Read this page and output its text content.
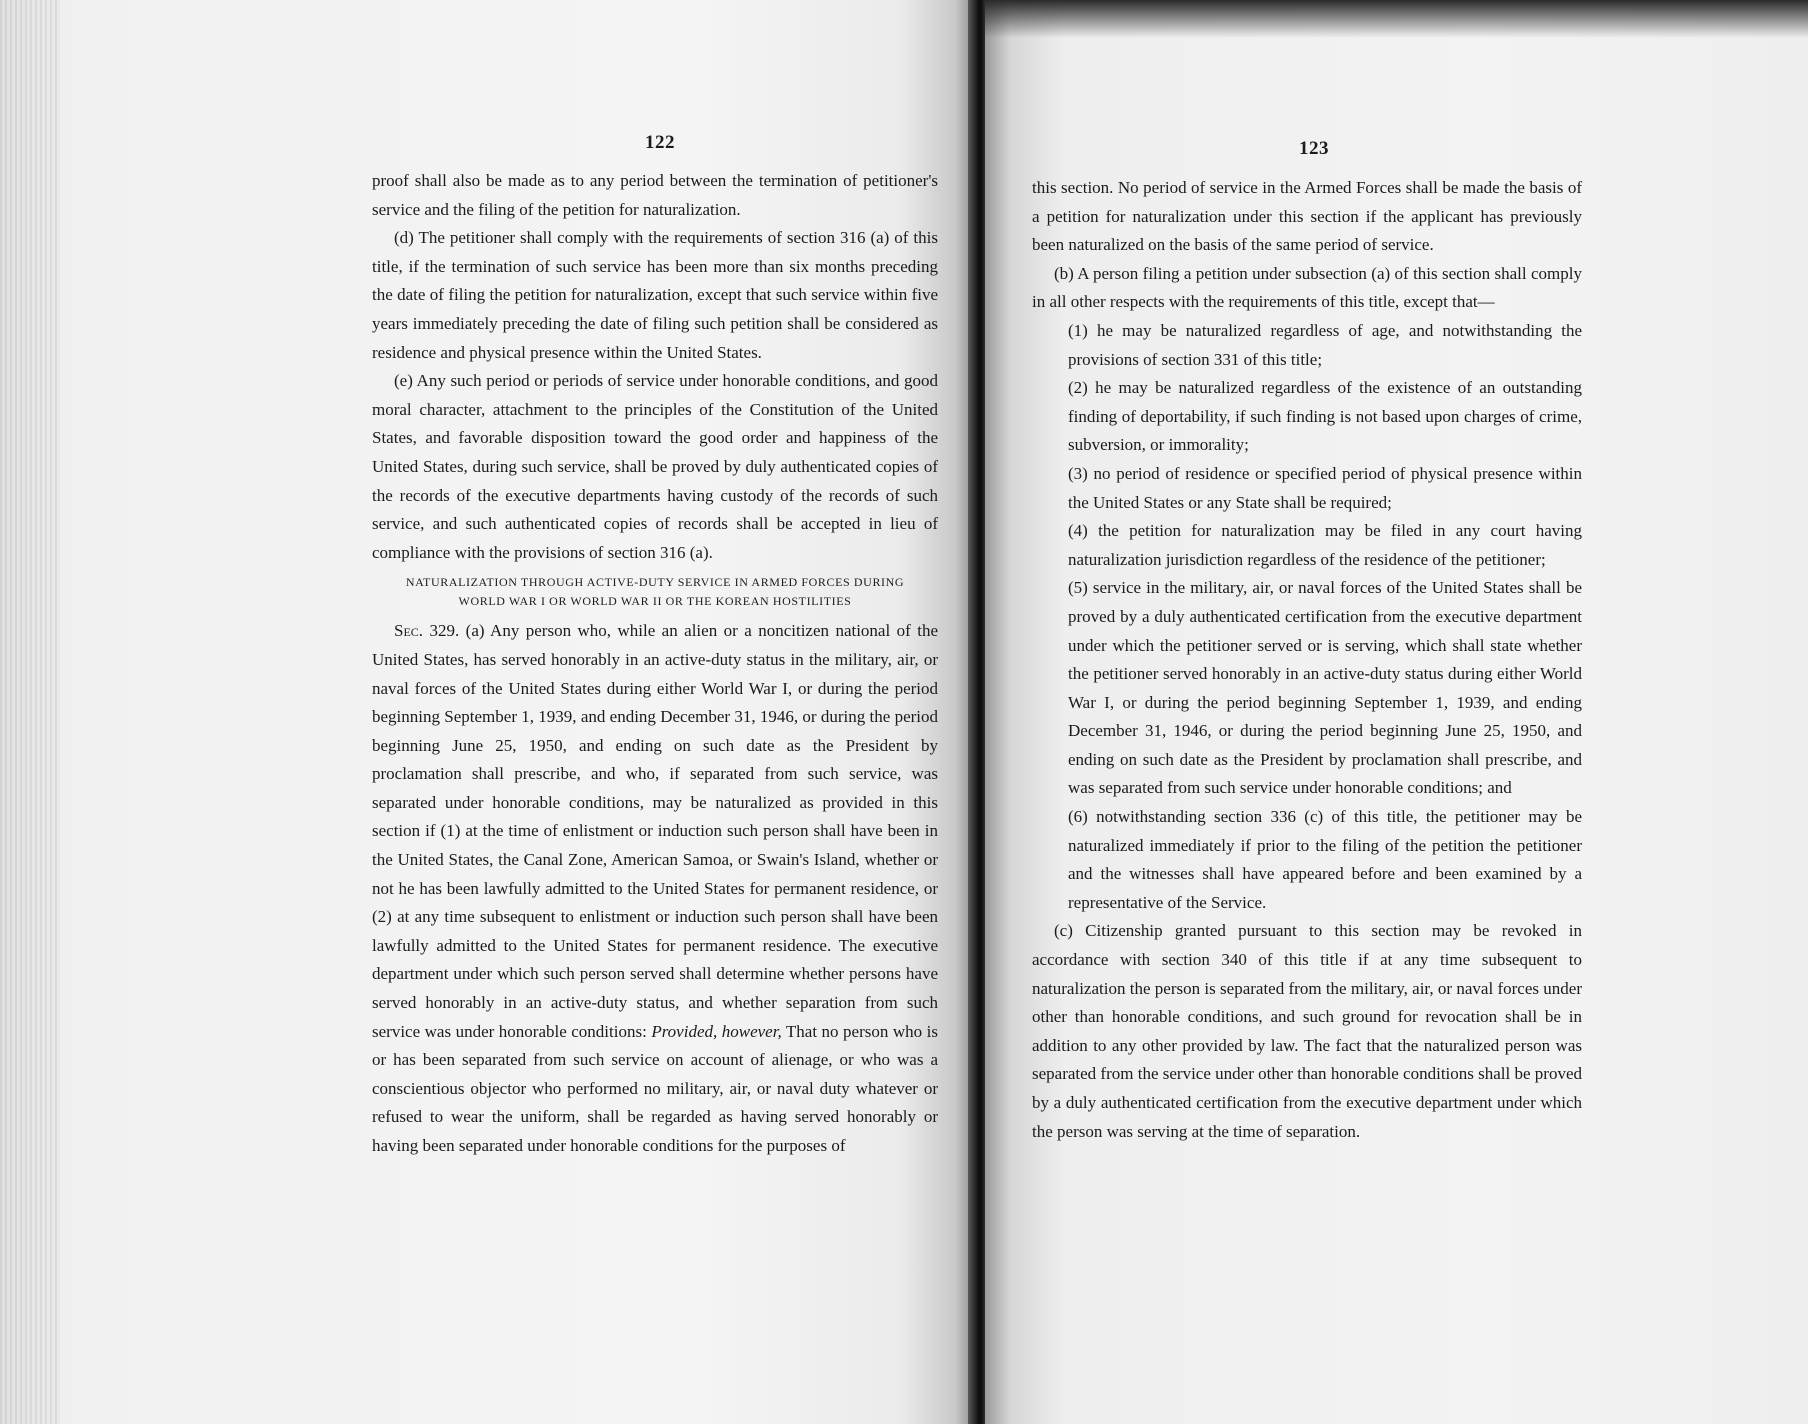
122

proof shall also be made as to any period between the termination of petitioner's service and the filing of the petition for naturalization.

(d) The petitioner shall comply with the requirements of section 316 (a) of this title, if the termination of such service has been more than six months preceding the date of filing the petition for naturalization, except that such service within five years immediately preceding the date of filing such petition shall be considered as residence and physical presence within the United States.

(e) Any such period or periods of service under honorable conditions, and good moral character, attachment to the principles of the Constitution of the United States, and favorable disposition toward the good order and happiness of the United States, during such service, shall be proved by duly authenticated copies of the records of the executive departments having custody of the records of such service, and such authenticated copies of records shall be accepted in lieu of compliance with the provisions of section 316 (a).

NATURALIZATION THROUGH ACTIVE-DUTY SERVICE IN ARMED FORCES DURING
WORLD WAR I OR WORLD WAR II OR THE KOREAN HOSTILITIES

Sec. 329. (a) Any person who, while an alien or a noncitizen national of the United States, has served honorably in an active-duty status in the military, air, or naval forces of the United States during either World War I, or during the period beginning September 1, 1939, and ending December 31, 1946, or during the period beginning June 25, 1950, and ending on such date as the President by proclamation shall prescribe, and who, if separated from such service, was separated under honorable conditions, may be naturalized as provided in this section if (1) at the time of enlistment or induction such person shall have been in the United States, the Canal Zone, American Samoa, or Swain's Island, whether or not he has been lawfully admitted to the United States for permanent residence, or (2) at any time subsequent to enlistment or induction such person shall have been lawfully admitted to the United States for permanent residence. The executive department under which such person served shall determine whether persons have served honorably in an active-duty status, and whether separation from such service was under honorable conditions: Provided, however, That no person who is or has been separated from such service on account of alienage, or who was a conscientious objector who performed no military, air, or naval duty whatever or refused to wear the uniform, shall be regarded as having served honorably or having been separated under honorable conditions for the purposes of

123

this section. No period of service in the Armed Forces shall be made the basis of a petition for naturalization under this section if the applicant has previously been naturalized on the basis of the same period of service.

(b) A person filing a petition under subsection (a) of this section shall comply in all other respects with the requirements of this title, except that—

(1) he may be naturalized regardless of age, and notwithstanding the provisions of section 331 of this title;

(2) he may be naturalized regardless of the existence of an outstanding finding of deportability, if such finding is not based upon charges of crime, subversion, or immorality;

(3) no period of residence or specified period of physical presence within the United States or any State shall be required;

(4) the petition for naturalization may be filed in any court having naturalization jurisdiction regardless of the residence of the petitioner;

(5) service in the military, air, or naval forces of the United States shall be proved by a duly authenticated certification from the executive department under which the petitioner served or is serving, which shall state whether the petitioner served honorably in an active-duty status during either World War I, or during the period beginning September 1, 1939, and ending December 31, 1946, or during the period beginning June 25, 1950, and ending on such date as the President by proclamation shall prescribe, and was separated from such service under honorable conditions; and

(6) notwithstanding section 336 (c) of this title, the petitioner may be naturalized immediately if prior to the filing of the petition the petitioner and the witnesses shall have appeared before and been examined by a representative of the Service.

(c) Citizenship granted pursuant to this section may be revoked in accordance with section 340 of this title if at any time subsequent to naturalization the person is separated from the military, air, or naval forces under other than honorable conditions, and such ground for revocation shall be in addition to any other provided by law. The fact that the naturalized person was separated from the service under other than honorable conditions shall be proved by a duly authenticated certification from the executive department under which the person was serving at the time of separation.
